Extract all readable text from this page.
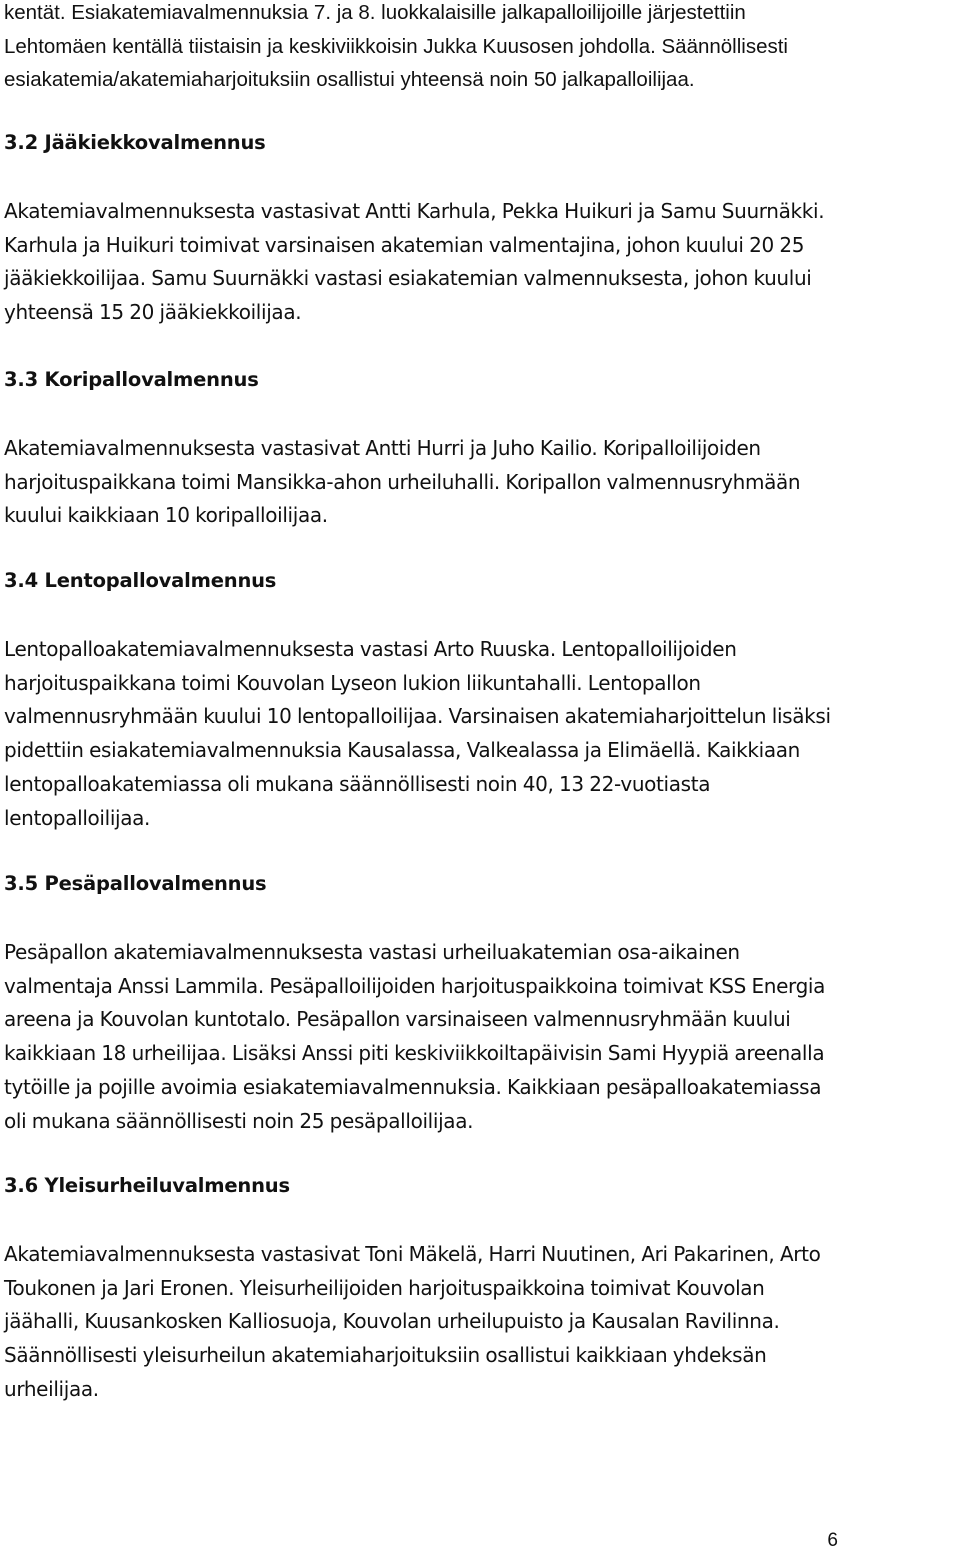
kentät. Esiakatemiavalmennuksia 7. ja 8. luokkalaisille jalkapalloilijoille järjestettiin
Lehtomäen kentällä tiistaisin ja keskiviikkoisin Jukka Kuusosen johdolla. Säännöllisesti
esiakatemia/akatemiaharjoituksiin osallistui yhteensä noin 50 jalkapalloilijaa.
3.2 Jääkiekkovalmennus
Akatemiavalmennuksesta vastasivat Antti Karhula, Pekka Huikuri ja Samu Suurnäkki.
Karhula ja Huikuri toimivat varsinaisen akatemian valmentajina, johon kuului 20 25
jääkiekkoilijaa. Samu Suurnäkki vastasi esiakatemian valmennuksesta, johon kuului
yhteensä 15 20 jääkiekkoilijaa.
3.3 Koripallovalmennus
Akatemiavalmennuksesta vastasivat Antti Hurri ja Juho Kailio. Koripalloilijoiden
harjoituspaikkana toimi Mansikka-ahon urheiluhalli. Koripallon valmennusryhmään
kuului kaikkiaan 10 koripalloilijaa.
3.4 Lentopallovalmennus
Lentopalloakatemiavalmennuksesta vastasi Arto Ruuska. Lentopalloilijoiden
harjoituspaikkana toimi Kouvolan Lyseon lukion liikuntahalli. Lentopallon
valmennusryhmään kuului 10 lentopalloilijaa. Varsinaisen akatemiaharjoittelun lisäksi
pidettiin esiakatemiavalmennuksia Kausalassa, Valkealassa ja Elimäellä. Kaikkiaan
lentopalloakatemiassa oli mukana säännöllisesti noin 40, 13 22-vuotiasta
lentopalloilijaa.
3.5 Pesäpallovalmennus
Pesäpallon akatemiavalmennuksesta vastasi urheiluakatemian osa-aikainen
valmentaja Anssi Lammila. Pesäpalloilijoiden harjoituspaikkoina toimivat KSS Energia
areena ja Kouvolan kuntotalo. Pesäpallon varsinaiseen valmennusryhmään kuului
kaikkiaan 18 urheilijaa. Lisäksi Anssi piti keskiviikkoiltapäivisin Sami Hyypiä areenalla
tytöille ja pojille avoimia esiakatemiavalmennuksia. Kaikkiaan pesäpalloakatemiassa
oli mukana säännöllisesti noin 25 pesäpalloilijaa.
3.6 Yleisurheiluvalmennus
Akatemiavalmennuksesta vastasivat Toni Mäkelä, Harri Nuutinen, Ari Pakarinen, Arto
Toukonen ja Jari Eronen. Yleisurheilijoiden harjoituspaikkoina toimivat Kouvolan
jäähalli, Kuusankosken Kalliosuoja, Kouvolan urheilupuisto ja Kausalan Ravilinna.
Säännöllisesti yleisurheilun akatemiaharjoituksiin osallistui kaikkiaan yhdeksän
urheilijaa.
6
